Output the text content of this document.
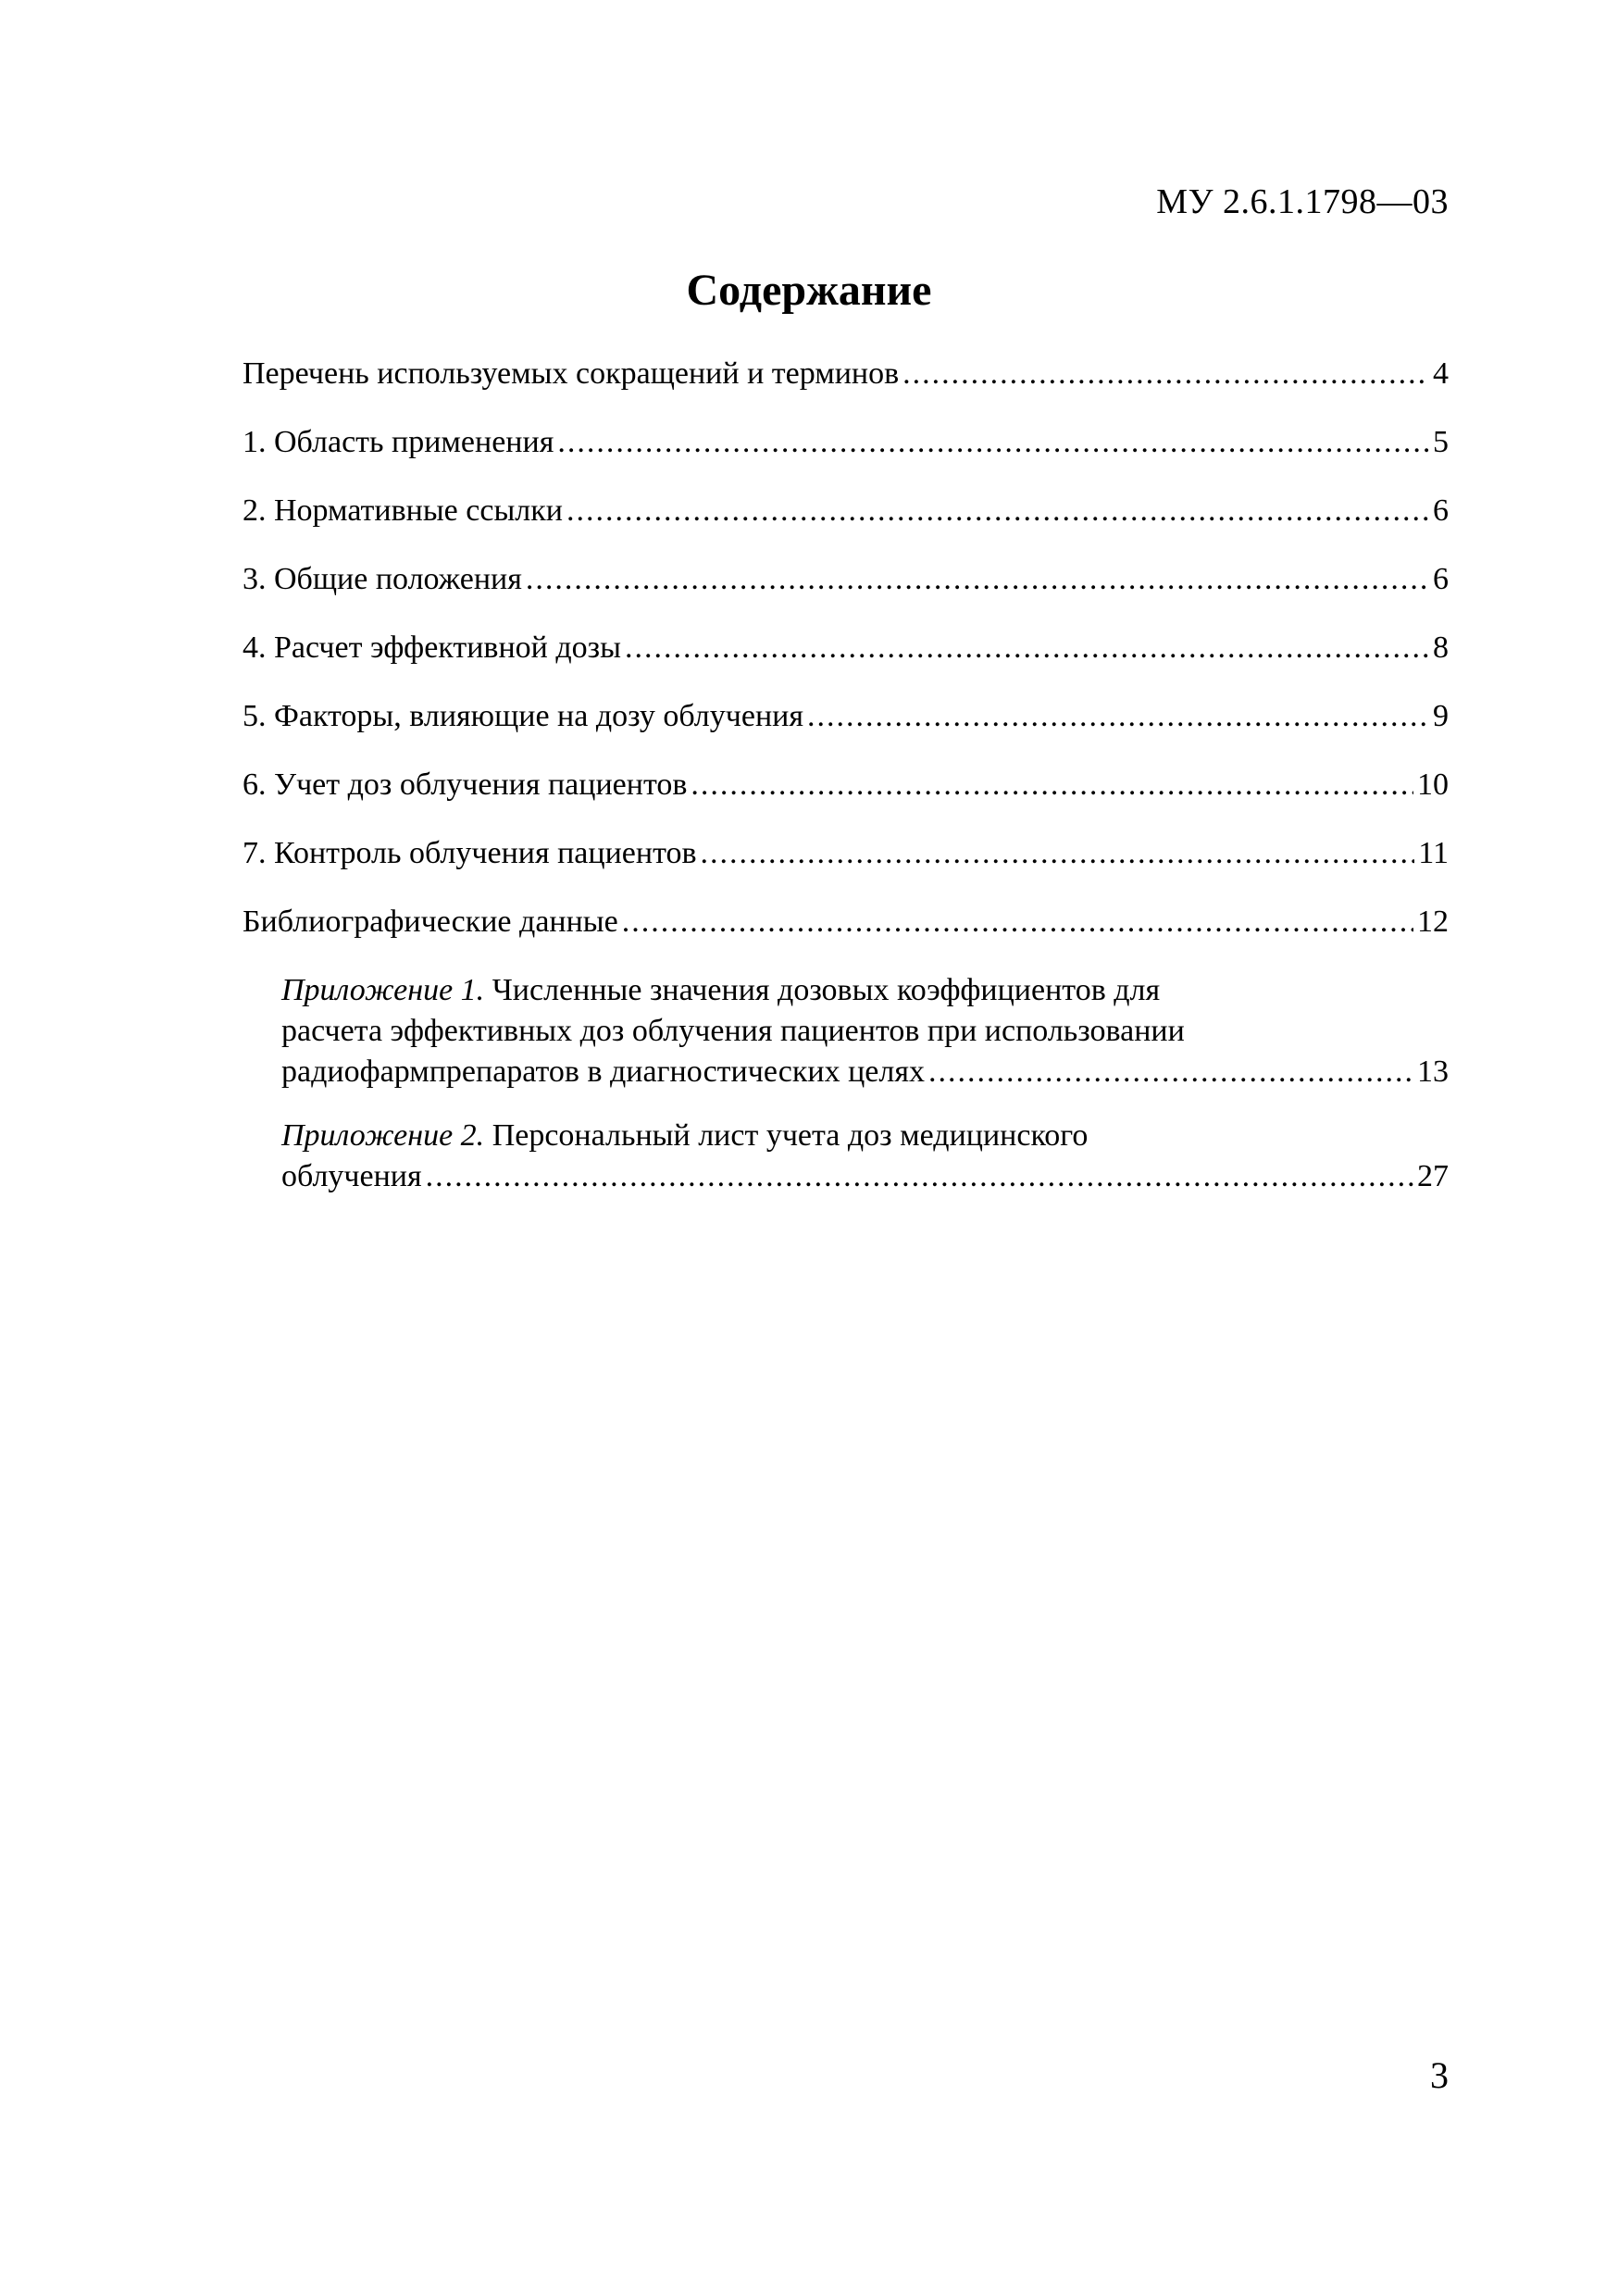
МУ 2.6.1.1798—03
Содержание
Перечень используемых сокращений и терминов .....	4
1. Область применения .....	5
2. Нормативные ссылки .....	6
3. Общие положения .....	6
4. Расчет эффективной дозы .....	8
5. Факторы, влияющие на дозу облучения .....	9
6. Учет доз облучения пациентов .....	10
7. Контроль облучения пациентов .....	11
Библиографические данные .....	12
Приложение 1. Численные значения дозовых коэффициентов для
расчета эффективных доз облучения пациентов при использовании
радиофармпрепаратов в диагностических целях .....	13
Приложение 2. Персональный лист учета доз медицинского
облучения .....	27
3
